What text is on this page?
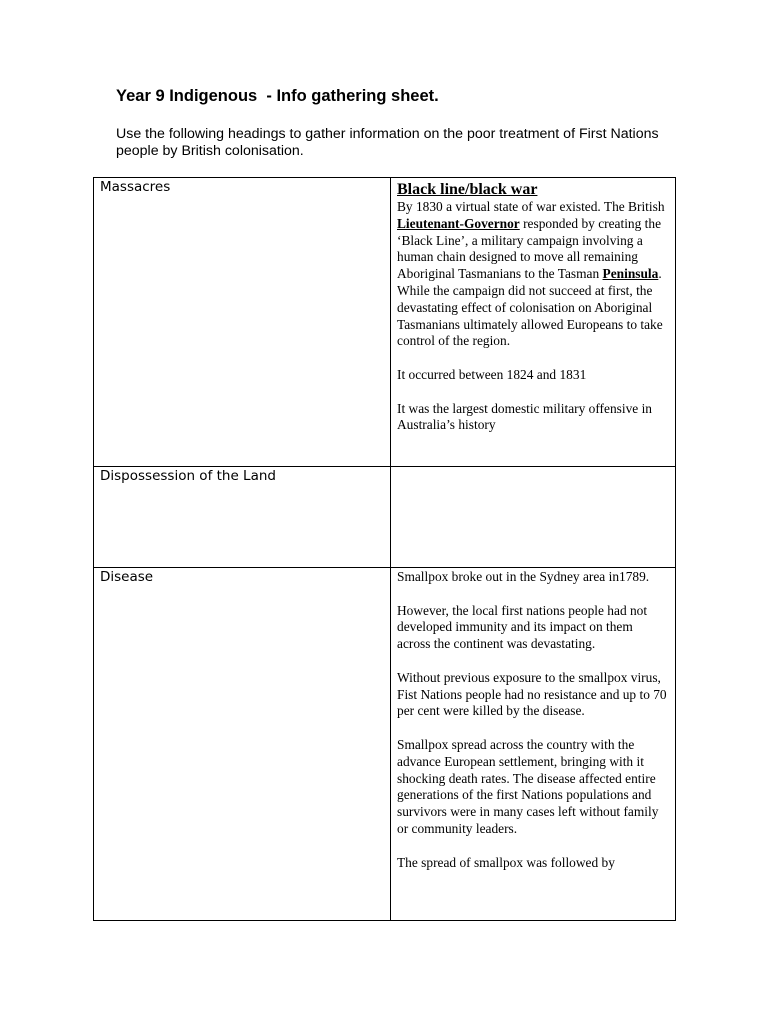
Year 9 Indigenous  - Info gathering sheet.

Use the following headings to gather information on the poor treatment of First Nations people by British colonisation.

Massacres	Black line/black war

By 1830 a virtual state of war existed. The British Lieutenant-Governor responded by creating the ‘Black Line’, a military campaign involving a human chain designed to move all remaining Aboriginal Tasmanians to the Tasman Peninsula. While the campaign did not succeed at first, the devastating effect of colonisation on Aboriginal Tasmanians ultimately allowed Europeans to take control of the region.

It occurred between 1824 and 1831

It was the largest domestic military offensive in Australia’s history

Dispossession of the Land	
Disease	Smallpox broke out in the Sydney area in1789.

However, the local first nations people had not developed immunity and its impact on them across the continent was devastating.

Without previous exposure to the smallpox virus, Fist Nations people had no resistance and up to 70 per cent were killed by the disease.

Smallpox spread across the country with the advance European settlement, bringing with it shocking death rates. The disease affected entire generations of the first Nations populations and survivors were in many cases left without family or community leaders.

The spread of smallpox was followed by
